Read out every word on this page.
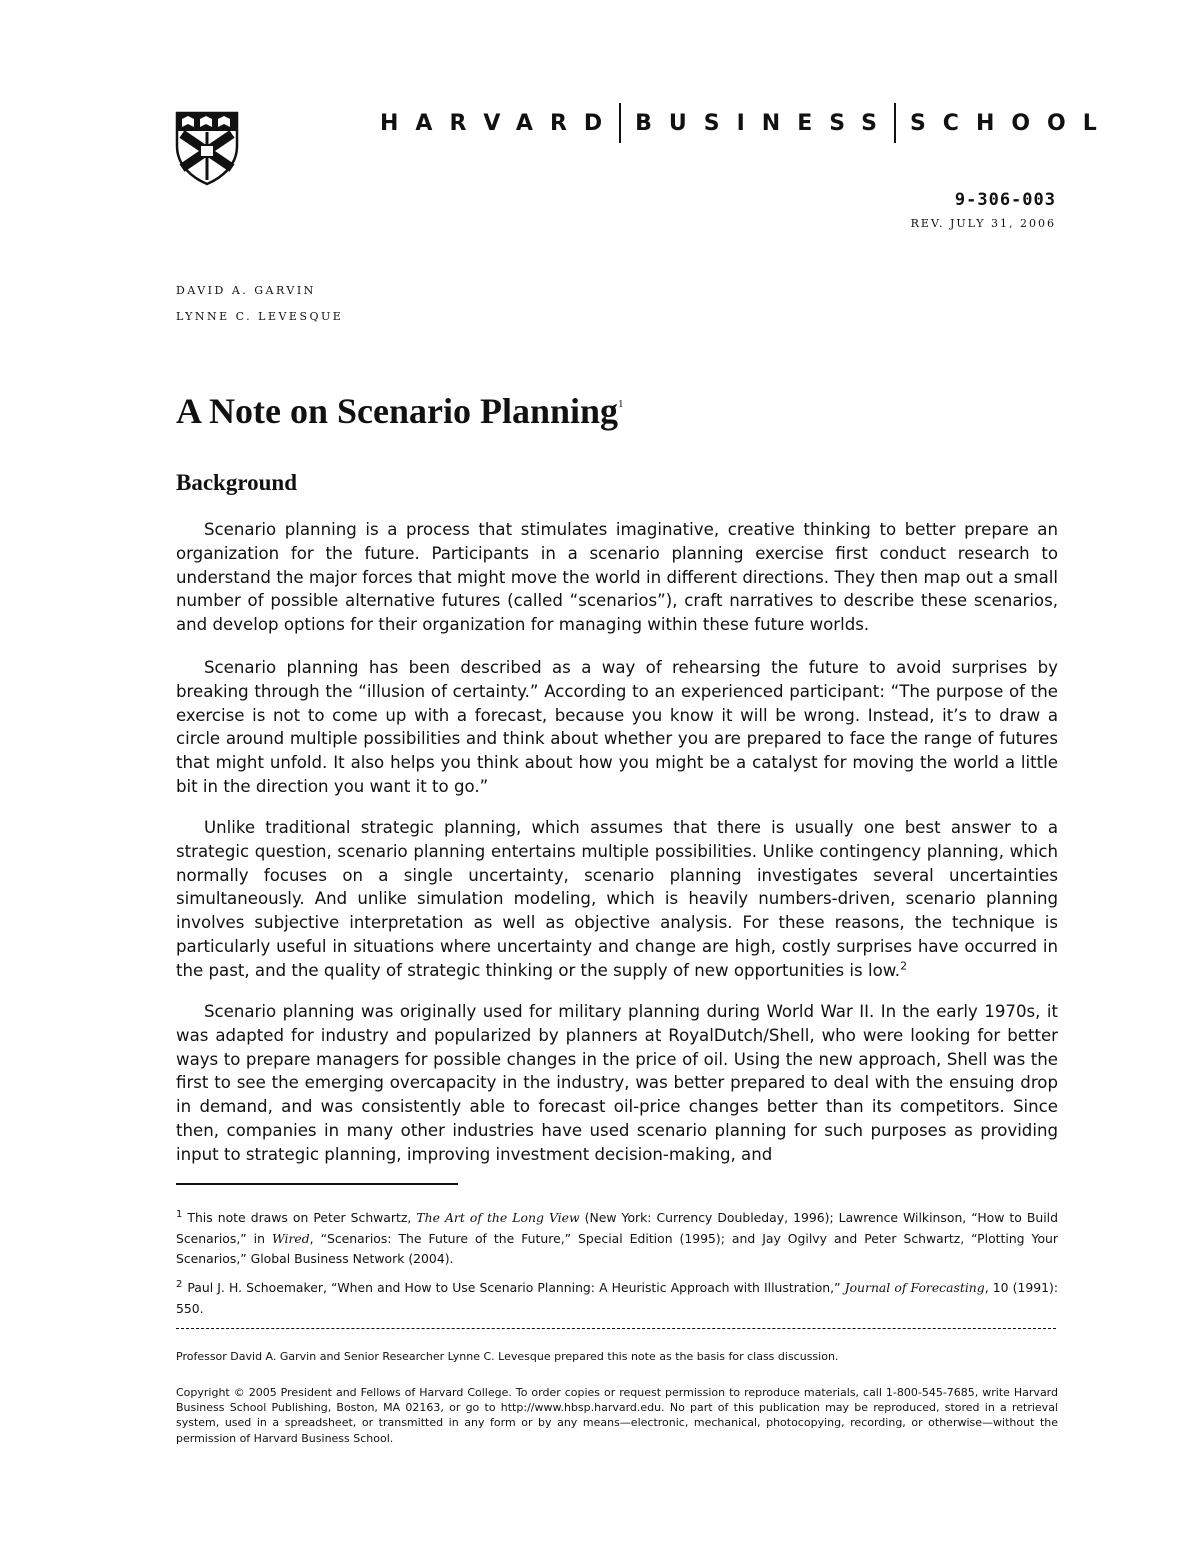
HARVARD BUSINESS SCHOOL
9-306-003
REV. JULY 31, 2006
DAVID A. GARVIN
LYNNE C. LEVESQUE
A Note on Scenario Planning$^1$
Background

Scenario planning is a process that stimulates imaginative, creative thinking to better prepare an organization for the future. Participants in a scenario planning exercise first conduct research to understand the major forces that might move the world in different directions. They then map out a small number of possible alternative futures (called “scenarios”), craft narratives to describe these scenarios, and develop options for their organization for managing within these future worlds.

Scenario planning has been described as a way of rehearsing the future to avoid surprises by breaking through the “illusion of certainty.” According to an experienced participant: “The purpose of the exercise is not to come up with a forecast, because you know it will be wrong. Instead, it’s to draw a circle around multiple possibilities and think about whether you are prepared to face the range of futures that might unfold. It also helps you think about how you might be a catalyst for moving the world a little bit in the direction you want it to go.”

Unlike traditional strategic planning, which assumes that there is usually one best answer to a strategic question, scenario planning entertains multiple possibilities. Unlike contingency planning, which normally focuses on a single uncertainty, scenario planning investigates several uncertainties simultaneously. And unlike simulation modeling, which is heavily numbers-driven, scenario planning involves subjective interpretation as well as objective analysis. For these reasons, the technique is particularly useful in situations where uncertainty and change are high, costly surprises have occurred in the past, and the quality of strategic thinking or the supply of new opportunities is low.$^2$

Scenario planning was originally used for military planning during World War II. In the early 1970s, it was adapted for industry and popularized by planners at RoyalDutch/Shell, who were looking for better ways to prepare managers for possible changes in the price of oil. Using the new approach, Shell was the first to see the emerging overcapacity in the industry, was better prepared to deal with the ensuing drop in demand, and was consistently able to forecast oil-price changes better than its competitors. Since then, companies in many other industries have used scenario planning for such purposes as providing input to strategic planning, improving investment decision-making, and

$^1$ This note draws on Peter Schwartz, The Art of the Long View (New York: Currency Doubleday, 1996); Lawrence Wilkinson, “How to Build Scenarios,” in Wired, “Scenarios: The Future of the Future,” Special Edition (1995); and Jay Ogilvy and Peter Schwartz, “Plotting Your Scenarios,” Global Business Network (2004).

$^2$ Paul J. H. Schoemaker, “When and How to Use Scenario Planning: A Heuristic Approach with Illustration,” Journal of Forecasting, 10 (1991): 550.

Professor David A. Garvin and Senior Researcher Lynne C. Levesque prepared this note as the basis for class discussion.

Copyright © 2005 President and Fellows of Harvard College. To order copies or request permission to reproduce materials, call 1-800-545-7685, write Harvard Business School Publishing, Boston, MA 02163, or go to http://www.hbsp.harvard.edu. No part of this publication may be reproduced, stored in a retrieval system, used in a spreadsheet, or transmitted in any form or by any means—electronic, mechanical, photocopying, recording, or otherwise—without the permission of Harvard Business School.
